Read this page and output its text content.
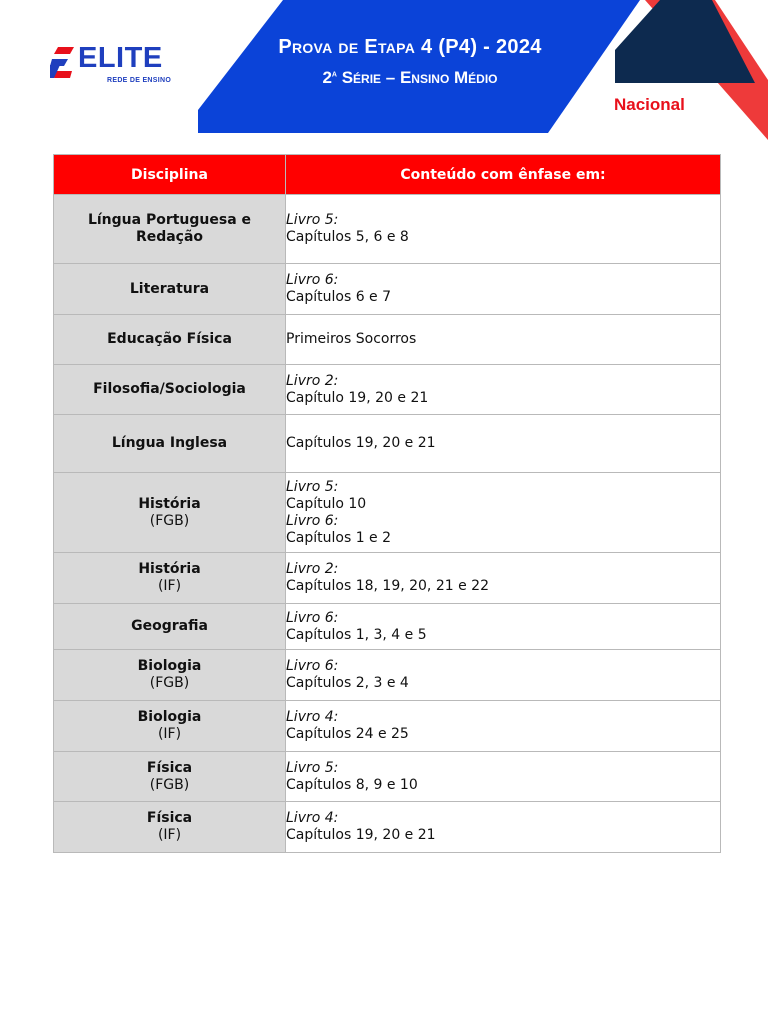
ELITE
REDE DE ENSINO
Prova de Etapa 4 (P4) - 2024
2$^a$ Série – Ensino Médio
Nacional
Disciplina	Conteúdo com ênfase em:

Língua Portuguesa e Redação	Livro 5:
Capítulos 5, 6 e 8

Literatura	Livro 6:
Capítulos 6 e 7

Educação Física	Primeiros Socorros

Filosofia/Sociologia	Livro 2:
Capítulo 19, 20 e 21

Língua Inglesa	Capítulos 19, 20 e 21

História
(FGB)	Livro 5:
Capítulo 10
Livro 6:
Capítulos 1 e 2

História
(IF)	Livro 2:
Capítulos 18, 19, 20, 21 e 22

Geografia	Livro 6:
Capítulos 1, 3, 4 e 5

Biologia
(FGB)	Livro 6:
Capítulos 2, 3 e 4

Biologia
(IF)	Livro 4:
Capítulos 24 e 25

Física
(FGB)	Livro 5:
Capítulos 8, 9 e 10

Física
(IF)	Livro 4:
Capítulos 19, 20 e 21
